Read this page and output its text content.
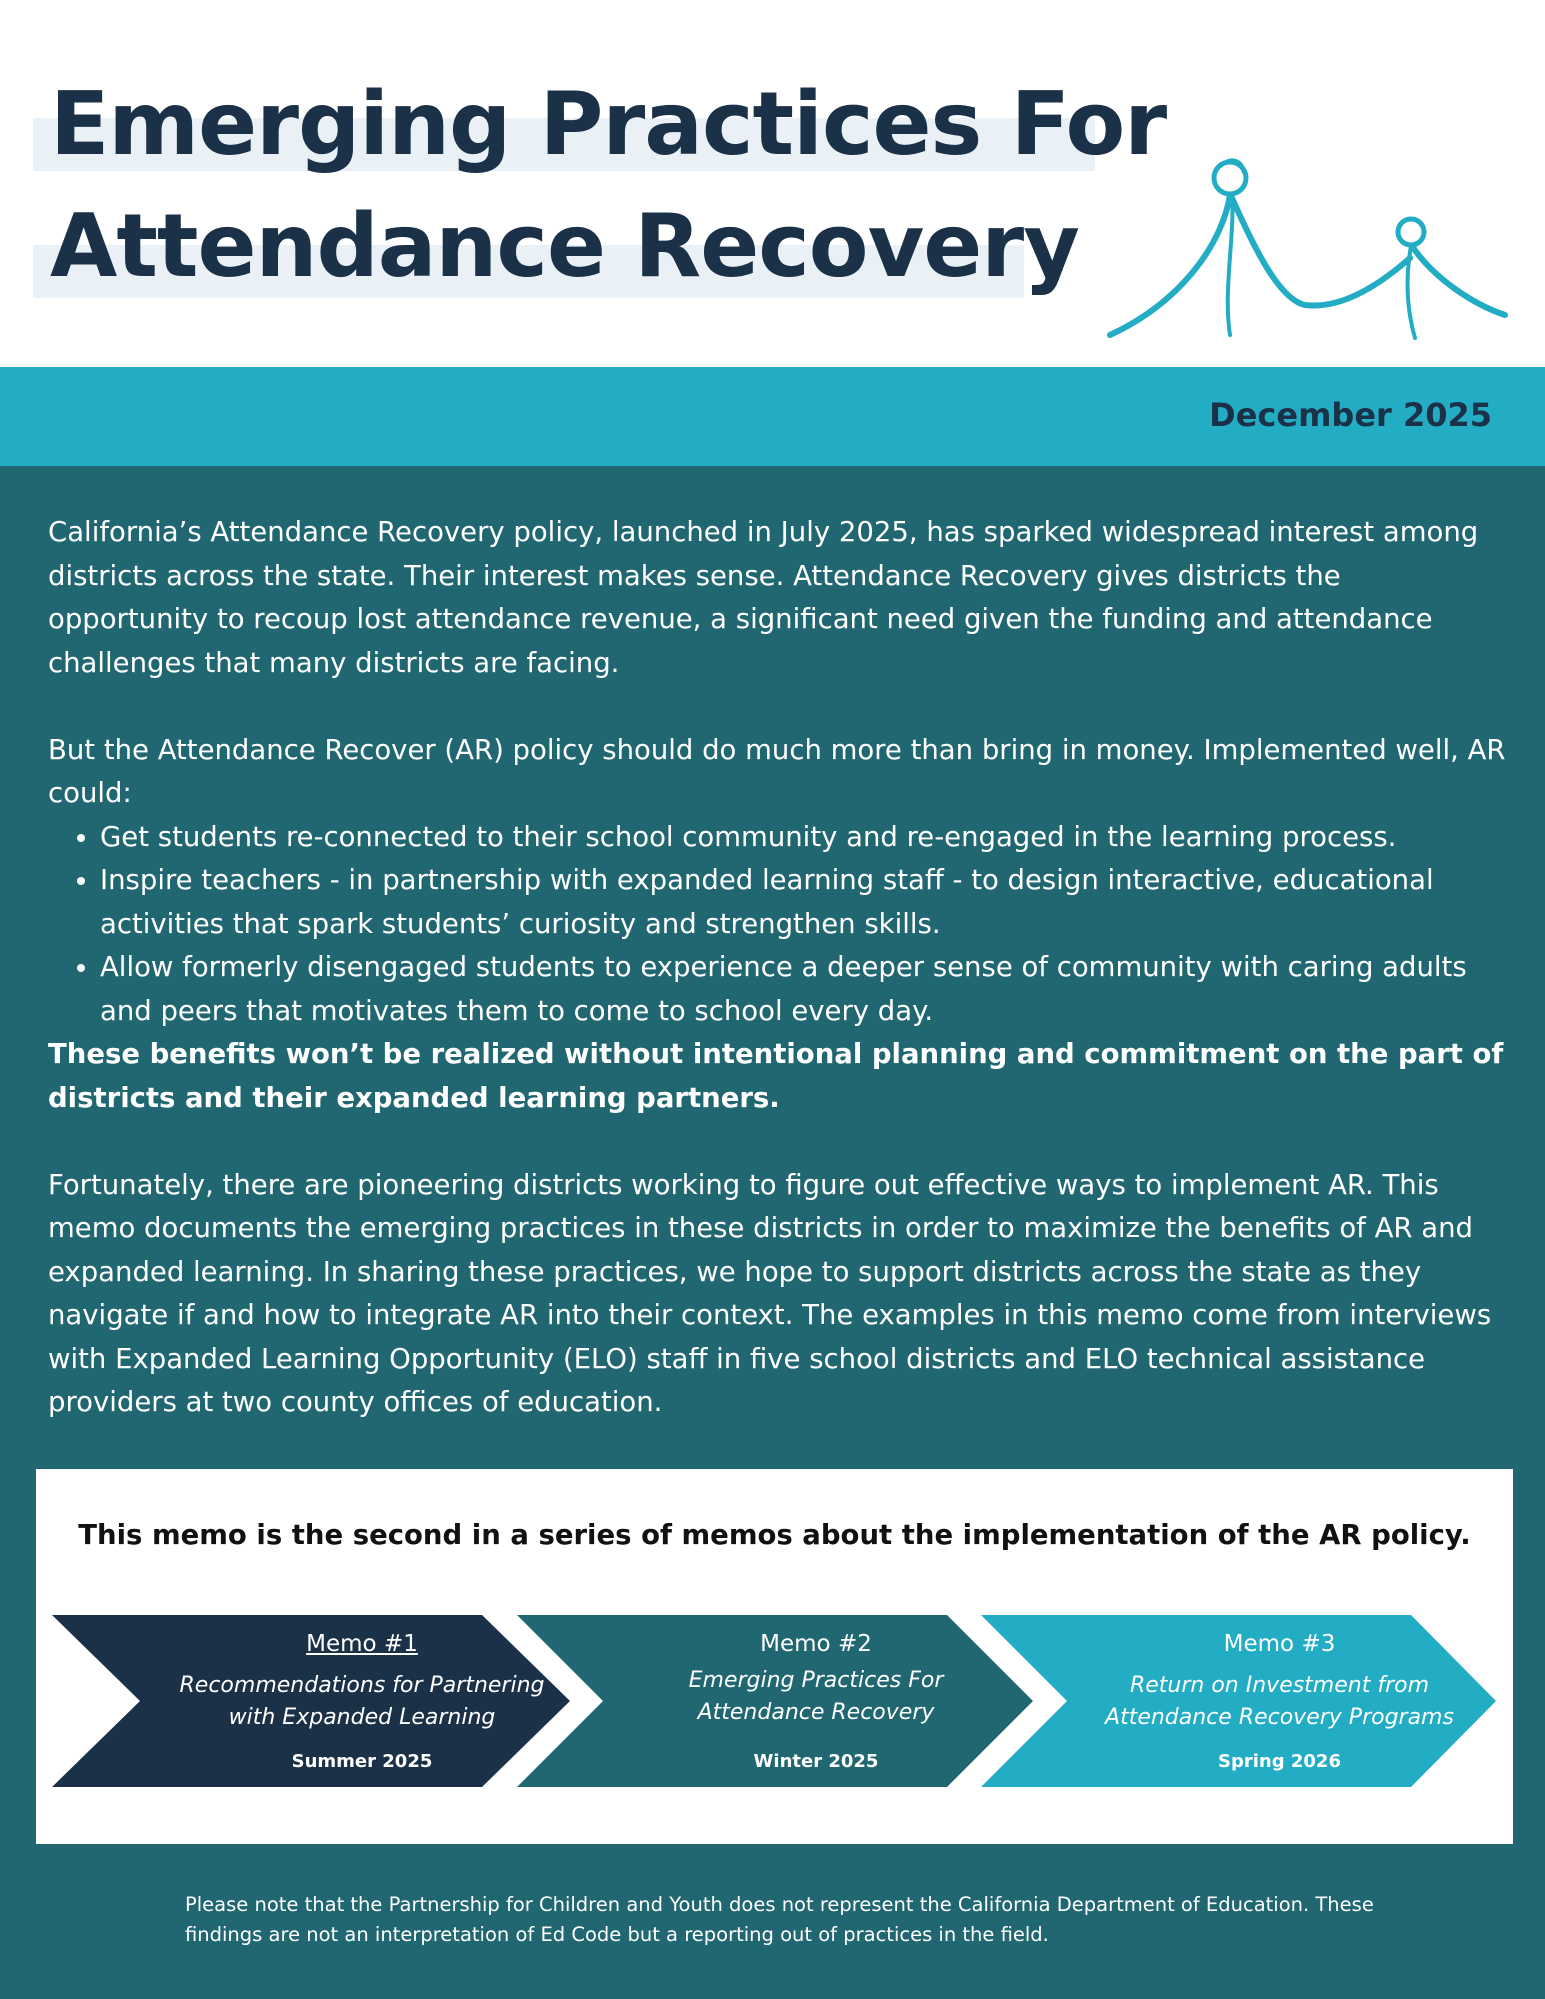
Emerging Practices For
Attendance Recovery
December 2025

California’s Attendance Recovery policy, launched in July 2025, has sparked widespread interest among districts across the state. Their interest makes sense. Attendance Recovery gives districts the opportunity to recoup lost attendance revenue, a significant need given the funding and attendance challenges that many districts are facing.

But the Attendance Recover (AR) policy should do much more than bring in money. Implemented well, AR could:

• Get students re-connected to their school community and re-engaged in the learning process.
• Inspire teachers - in partnership with expanded learning staff - to design interactive, educational activities that spark students’ curiosity and strengthen skills.
• Allow formerly disengaged students to experience a deeper sense of community with caring adults and peers that motivates them to come to school every day.

These benefits won’t be realized without intentional planning and commitment on the part of districts and their expanded learning partners.

Fortunately, there are pioneering districts working to figure out effective ways to implement AR. This memo documents the emerging practices in these districts in order to maximize the benefits of AR and expanded learning. In sharing these practices, we hope to support districts across the state as they navigate if and how to integrate AR into their context. The examples in this memo come from interviews with Expanded Learning Opportunity (ELO) staff in five school districts and ELO technical assistance providers at two county offices of education.

This memo is the second in a series of memos about the implementation of the AR policy.
Memo #1
Recommendations for Partnering
with Expanded Learning
Summer 2025
Memo #2
Emerging Practices For
Attendance Recovery
Winter 2025
Memo #3
Return on Investment from
Attendance Recovery Programs
Spring 2026

Please note that the Partnership for Children and Youth does not represent the California Department of Education. These findings are not an interpretation of Ed Code but a reporting out of practices in the field.
